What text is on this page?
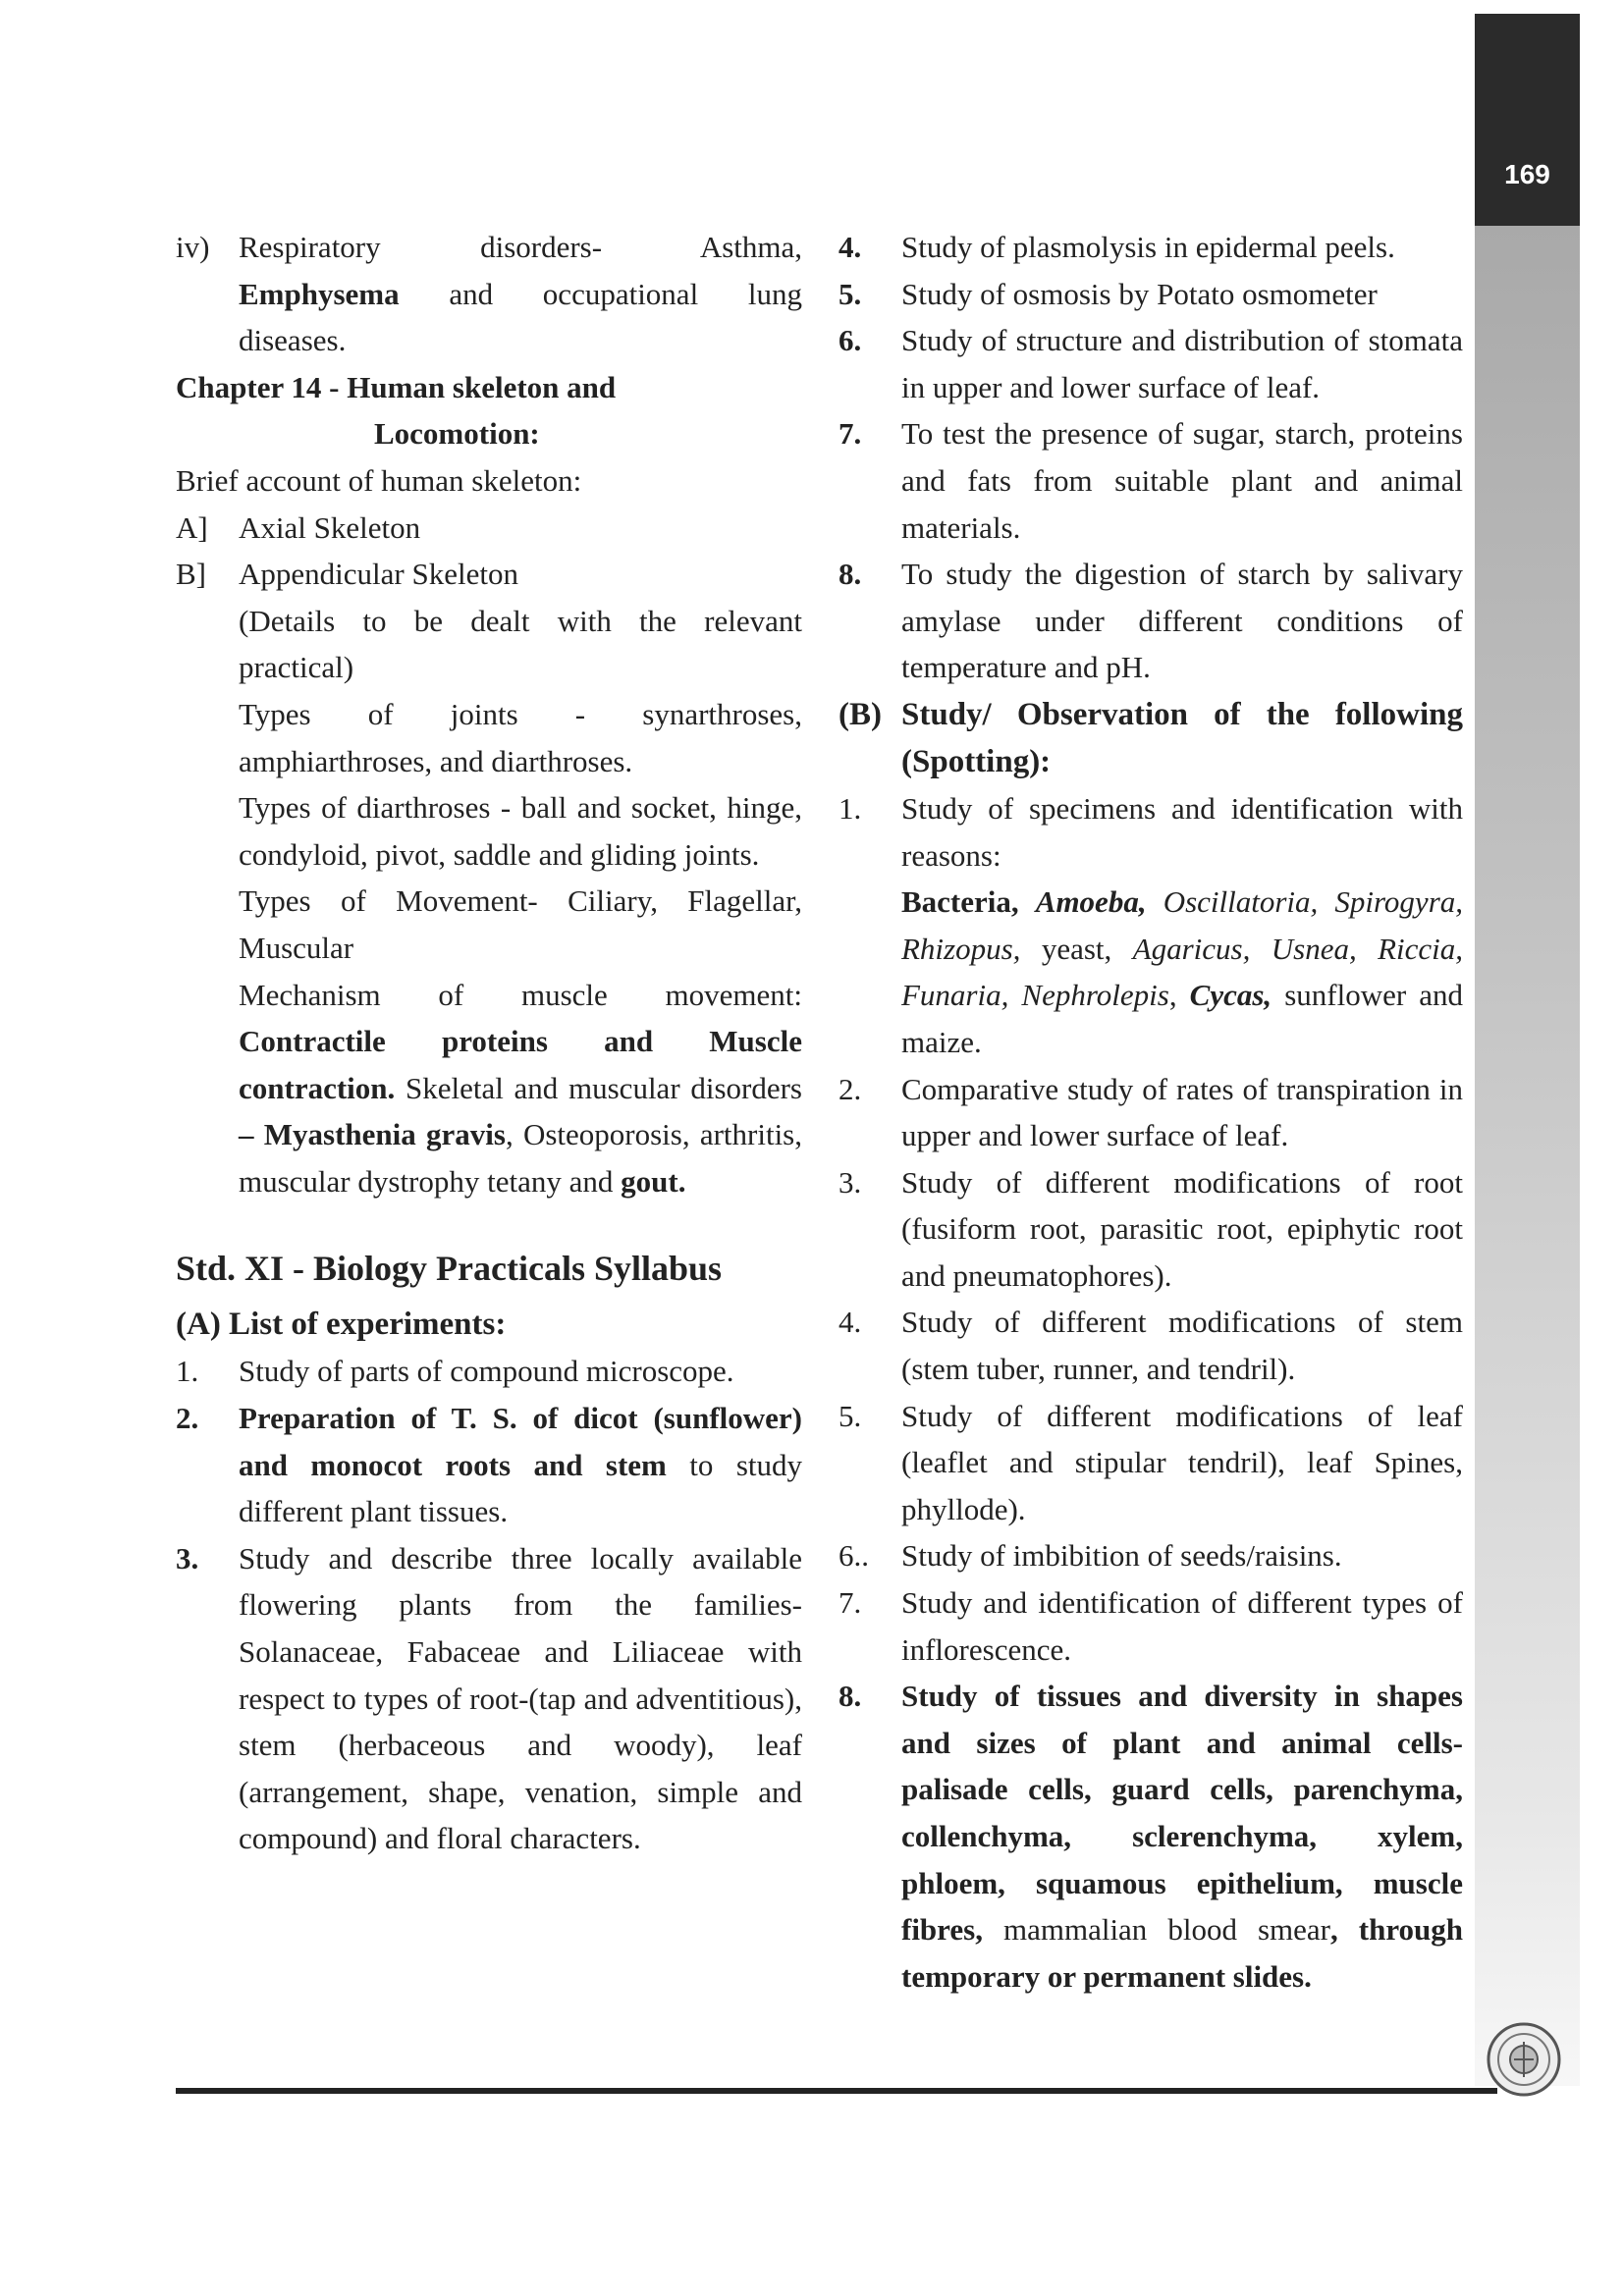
169
iv) Respiratory disorders- Asthma,
Emphysema and occupational lung
diseases.
Chapter 14 - Human skeleton and
Locomotion:
Brief account of human skeleton:
A]	Axial Skeleton
B]	Appendicular Skeleton
(Details to be dealt with the relevant practical)
Types of joints - synarthroses, amphiarthroses, and diarthroses.
Types of diarthroses - ball and socket, hinge, condyloid, pivot, saddle and gliding joints.
Types of Movement- Ciliary, Flagellar, Muscular
Mechanism of muscle movement: Contractile proteins and Muscle contraction. Skeletal and muscular disorders – Myasthenia gravis, Osteoporosis, arthritis, muscular dystrophy tetany and gout.
Std. XI - Biology Practicals Syllabus
(A) List of experiments:
1.	Study of parts of compound microscope.
2.	Preparation of T. S. of dicot (sunflower) and monocot roots and stem to study different plant tissues.
3.	Study and describe three locally available flowering plants from the families- Solanaceae, Fabaceae and Liliaceae with respect to types of root-(tap and adventitious), stem (herbaceous and woody), leaf (arrangement, shape, venation, simple and compound) and floral characters.
4.	Study of plasmolysis in epidermal peels.
5.	Study of osmosis by Potato osmometer
6.	Study of structure and distribution of stomata in upper and lower surface of leaf.
7.	To test the presence of sugar, starch, proteins and fats from suitable plant and animal materials.
8.	To study the digestion of starch by salivary amylase under different conditions of temperature and pH.
(B) Study/ Observation of the following (Spotting):
1.	Study of specimens and identification with reasons:
Bacteria, Amoeba, Oscillatoria, Spirogyra, Rhizopus, yeast, Agaricus, Usnea, Riccia, Funaria, Nephrolepis, Cycas, sunflower and maize.
2.	Comparative study of rates of transpiration in upper and lower surface of leaf.
3.	Study of different modifications of root (fusiform root, parasitic root, epiphytic root and pneumatophores).
4.	Study of different modifications of stem (stem tuber, runner, and tendril).
5.	Study of different modifications of leaf (leaflet and stipular tendril), leaf Spines, phyllode).
6..	Study of imbibition of seeds/raisins.
7.	Study and identification of different types of inflorescence.
8.	Study of tissues and diversity in shapes and sizes of plant and animal cells- palisade cells, guard cells, parenchyma, collenchyma, sclerenchyma, xylem, phloem, squamous epithelium, muscle fibres, mammalian blood smear, through temporary or permanent slides.
